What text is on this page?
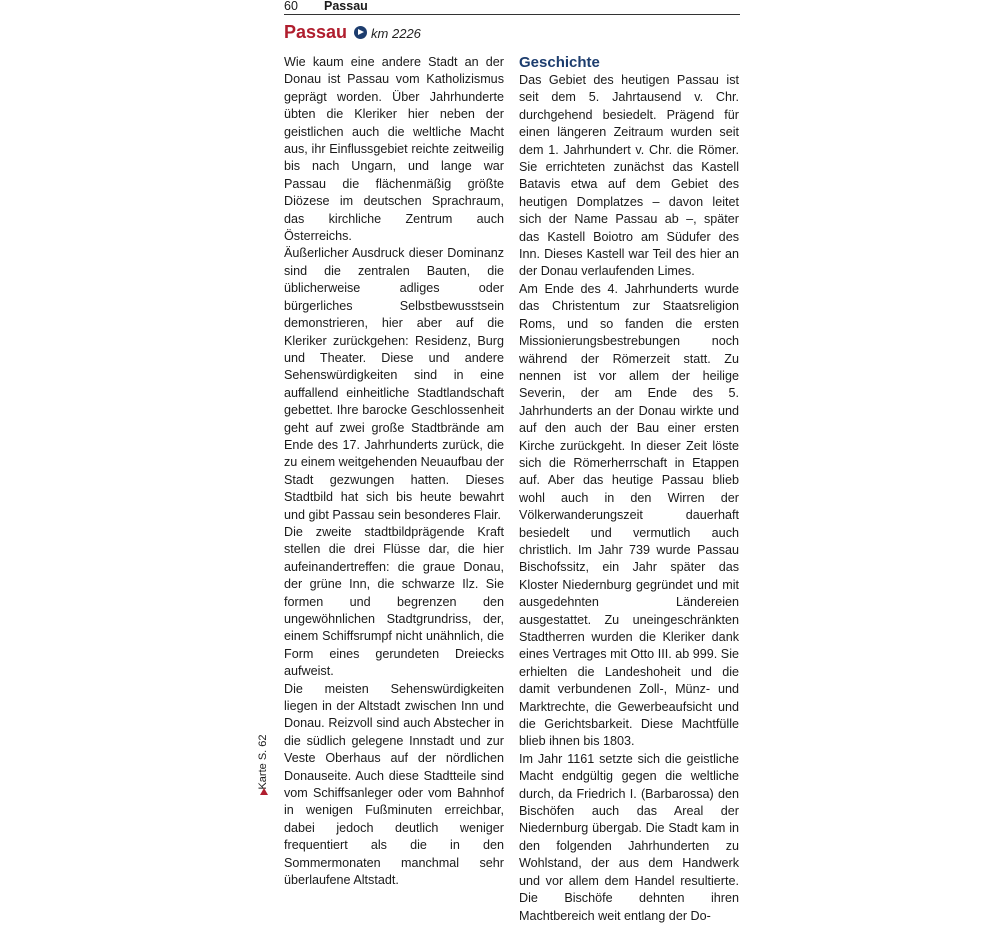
60 Passau
Passau km 2226

Wie kaum eine andere Stadt an der Donau ist Passau vom Katholizismus geprägt worden. Über Jahrhunderte übten die Kleriker hier neben der geistlichen auch die weltliche Macht aus, ihr Einflussgebiet reichte zeitweilig bis nach Ungarn, und lange war Passau die flächenmäßig größte Diözese im deutschen Sprachraum, das kirchliche Zentrum auch Österreichs.

Äußerlicher Ausdruck dieser Dominanz sind die zentralen Bauten, die üblicherweise adliges oder bürgerliches Selbstbewusstsein demonstrieren, hier aber auf die Kleriker zurückgehen: Residenz, Burg und Theater. Diese und andere Sehenswürdigkeiten sind in eine auffallend einheitliche Stadtlandschaft gebettet. Ihre barocke Geschlossenheit geht auf zwei große Stadtbrände am Ende des 17. Jahrhunderts zurück, die zu einem weitgehenden Neuaufbau der Stadt gezwungen hatten. Dieses Stadtbild hat sich bis heute bewahrt und gibt Passau sein besonderes Flair.

Die zweite stadtbildprägende Kraft stellen die drei Flüsse dar, die hier aufeinandertreffen: die graue Donau, der grüne Inn, die schwarze Ilz. Sie formen und begrenzen den ungewöhnlichen Stadtgrundriss, der, einem Schiffsrumpf nicht unähnlich, die Form eines gerundeten Dreiecks aufweist.

Die meisten Sehenswürdigkeiten liegen in der Altstadt zwischen Inn und Donau. Reizvoll sind auch Abstecher in die südlich gelegene Innstadt und zur Veste Oberhaus auf der nördlichen Donauseite. Auch diese Stadtteile sind vom Schiffsanleger oder vom Bahnhof in wenigen Fußminuten erreichbar, dabei jedoch deutlich weniger frequentiert als die in den Sommermonaten manchmal sehr überlaufene Altstadt.

Geschichte

Das Gebiet des heutigen Passau ist seit dem 5. Jahrtausend v. Chr. durchgehend besiedelt. Prägend für einen längeren Zeitraum wurden seit dem 1. Jahrhundert v. Chr. die Römer. Sie errichteten zunächst das Kastell Batavis etwa auf dem Gebiet des heutigen Domplatzes – davon leitet sich der Name Passau ab –, später das Kastell Boiotro am Südufer des Inn. Dieses Kastell war Teil des hier an der Donau verlaufenden Limes.

Am Ende des 4. Jahrhunderts wurde das Christentum zur Staatsreligion Roms, und so fanden die ersten Missionierungsbestrebungen noch während der Römerzeit statt. Zu nennen ist vor allem der heilige Severin, der am Ende des 5. Jahrhunderts an der Donau wirkte und auf den auch der Bau einer ersten Kirche zurückgeht. In dieser Zeit löste sich die Römerherrschaft in Etappen auf. Aber das heutige Passau blieb wohl auch in den Wirren der Völkerwanderungszeit dauerhaft besiedelt und vermutlich auch christlich. Im Jahr 739 wurde Passau Bischofssitz, ein Jahr später das Kloster Niedernburg gegründet und mit ausgedehnten Ländereien ausgestattet. Zu uneingeschränkten Stadtherren wurden die Kleriker dank eines Vertrages mit Otto III. ab 999. Sie erhielten die Landeshoheit und die damit verbundenen Zoll-, Münz- und Marktrechte, die Gewerbeaufsicht und die Gerichtsbarkeit. Diese Machtfülle blieb ihnen bis 1803.

Im Jahr 1161 setzte sich die geistliche Macht endgültig gegen die weltliche durch, da Friedrich I. (Barbarossa) den Bischöfen auch das Areal der Niedernburg übergab. Die Stadt kam in den folgenden Jahrhunderten zu Wohlstand, der aus dem Handwerk und vor allem dem Handel resultierte. Die Bischöfe dehnten ihren Machtbereich weit entlang der Do-

Karte S. 62
